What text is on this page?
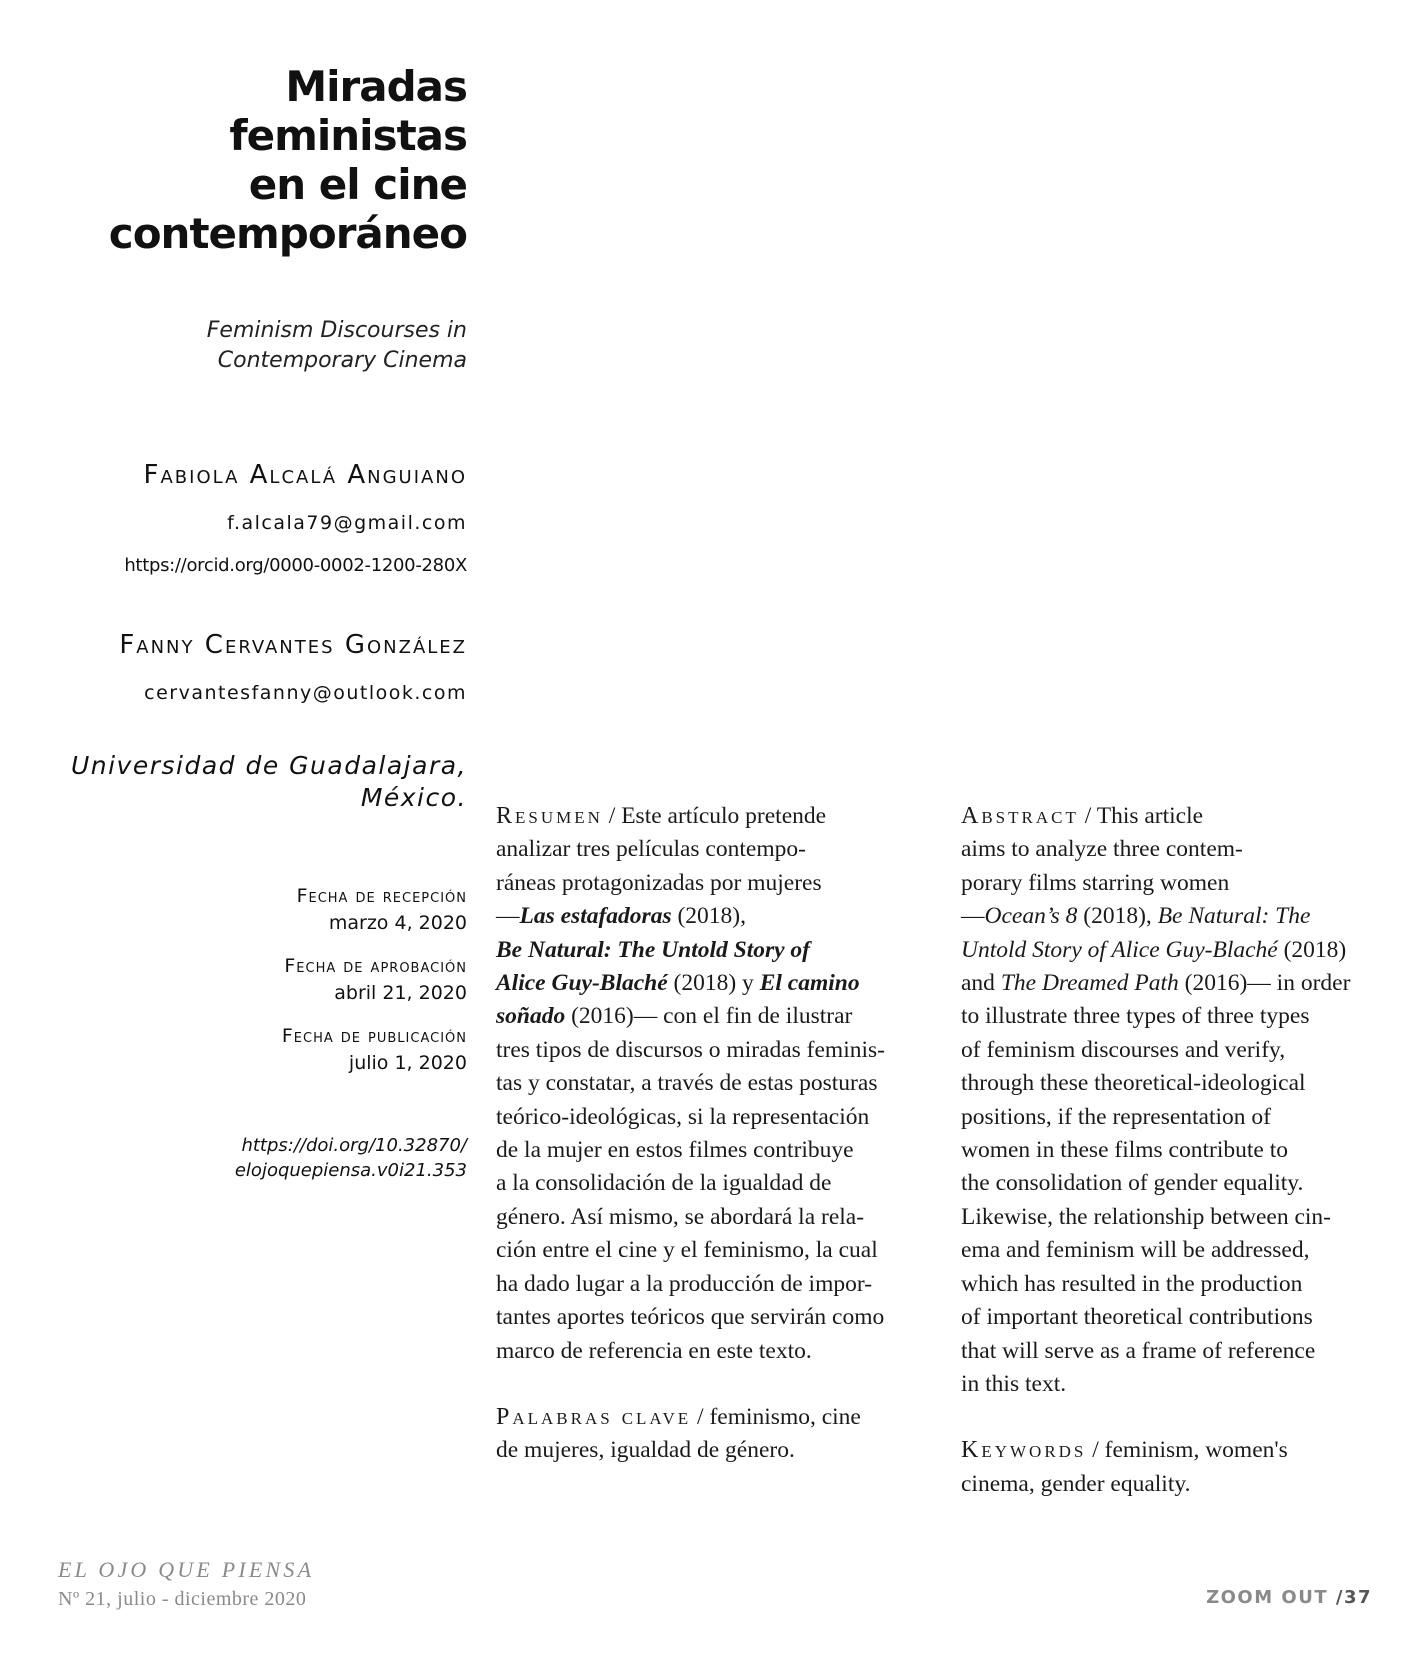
Miradas
feministas
en el cine
contemporáneo
Feminism Discourses in
Contemporary Cinema
Fabiola Alcalá Anguiano
f.alcala79@gmail.com
https://orcid.org/0000-0002-1200-280X
Fanny Cervantes González
cervantesfanny@outlook.com
Universidad de Guadalajara,
México.
Fecha de recepción
marzo 4, 2020
Fecha de aprobación
abril 21, 2020
Fecha de publicación
julio 1, 2020
https://doi.org/10.32870/
elojoquepiensa.v0i21.353

Resumen / Este artículo pretende
analizar tres películas contempo-
ráneas protagonizadas por mujeres
—Las estafadoras (2018),
Be Natural: The Untold Story of
Alice Guy-Blaché (2018) y El camino
soñado (2016)— con el fin de ilustrar
tres tipos de discursos o miradas feminis-
tas y constatar, a través de estas posturas
teórico-ideológicas, si la representación
de la mujer en estos filmes contribuye
a la consolidación de la igualdad de
género. Así mismo, se abordará la rela-
ción entre el cine y el feminismo, la cual
ha dado lugar a la producción de impor-
tantes aportes teóricos que servirán como
marco de referencia en este texto.

Palabras clave / feminismo, cine
de mujeres, igualdad de género.

Abstract / This article
aims to analyze three contem-
porary films starring women
—Ocean’s 8 (2018), Be Natural: The
Untold Story of Alice Guy-Blaché (2018)
and The Dreamed Path (2016)— in order
to illustrate three types of three types
of feminism discourses and verify,
through these theoretical-ideological
positions, if the representation of
women in these films contribute to
the consolidation of gender equality.
Likewise, the relationship between cin-
ema and feminism will be addressed,
which has resulted in the production
of important theoretical contributions
that will serve as a frame of reference
in this text.

Keywords / feminism, women's
cinema, gender equality.

EL OJO QUE PIENSA
Nº 21, julio - diciembre 2020	ZOOM OUT /37
